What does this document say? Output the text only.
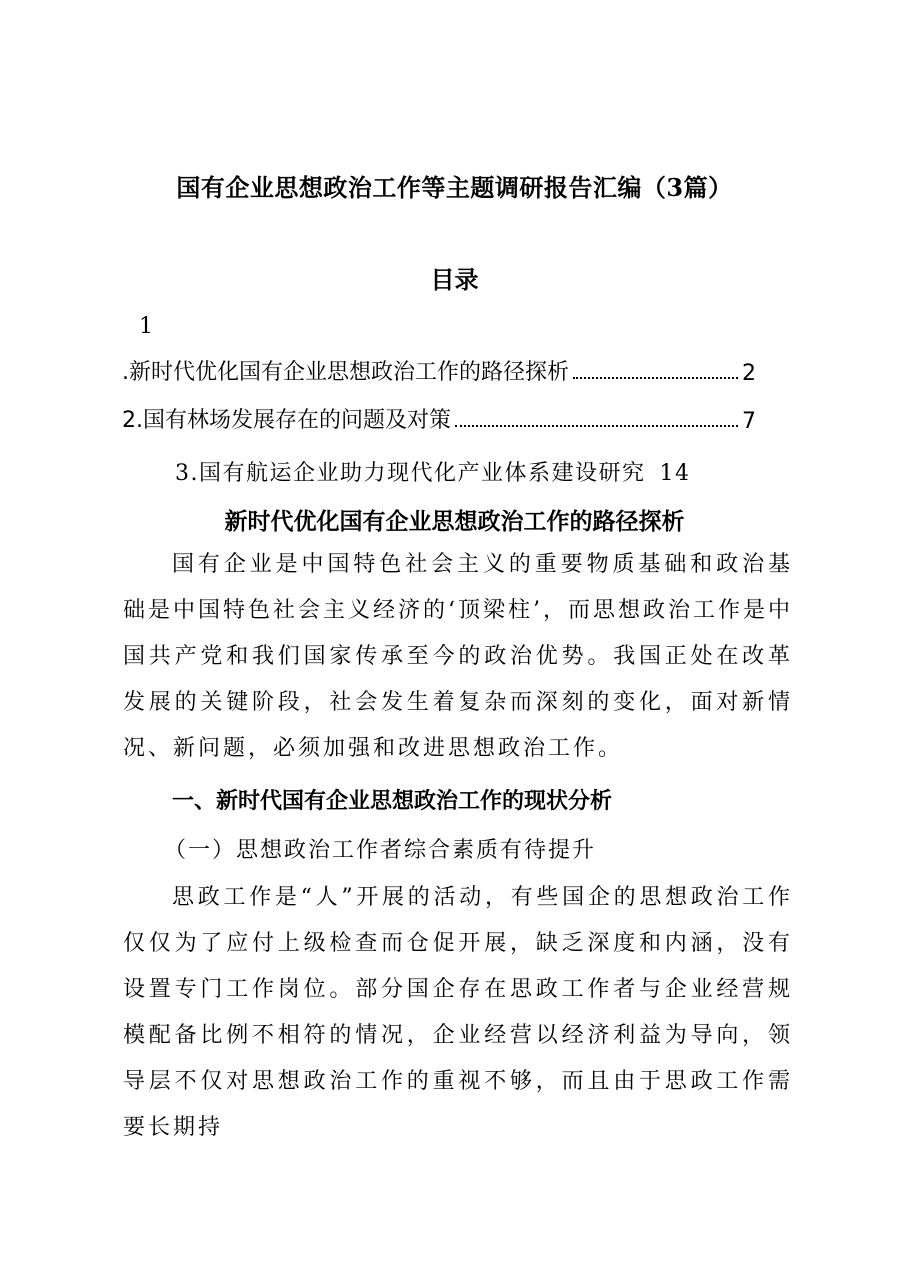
国有企业思想政治工作等主题调研报告汇编（3篇）
目录
1
.新时代优化国有企业思想政治工作的路径探析	2
2.国有林场发展存在的问题及对策	7
3.国有航运企业助力现代化产业体系建设研究 14
新时代优化国有企业思想政治工作的路径探析

国有企业是中国特色社会主义的重要物质基础和政治基础是中国特色社会主义经济的‘顶梁柱’，而思想政治工作是中国共产党和我们国家传承至今的政治优势。我国正处在改革发展的关键阶段，社会发生着复杂而深刻的变化，面对新情况、新问题，必须加强和改进思想政治工作。

一、新时代国有企业思想政治工作的现状分析
（一）思想政治工作者综合素质有待提升

思政工作是“人”开展的活动，有些国企的思想政治工作仅仅为了应付上级检查而仓促开展，缺乏深度和内涵，没有设置专门工作岗位。部分国企存在思政工作者与企业经营规模配备比例不相符的情况，企业经营以经济利益为导向，领导层不仅对思想政治工作的重视不够，而且由于思政工作需要长期持
